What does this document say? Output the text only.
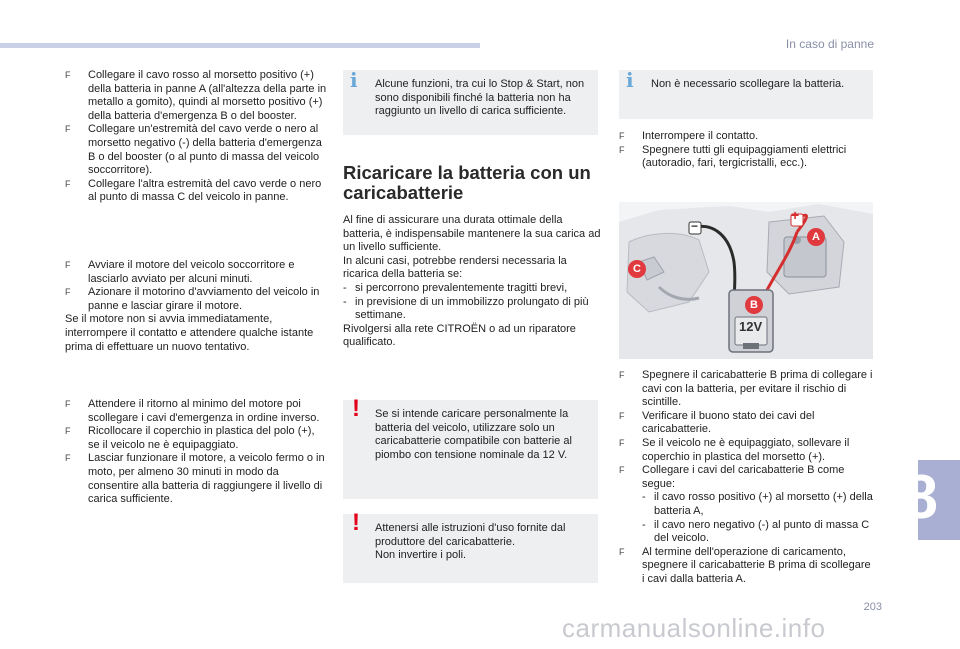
In caso di panne
F Collegare il cavo rosso al morsetto positivo (+) della batteria in panne A (all'altezza della parte in metallo a gomito), quindi al morsetto positivo (+) della batteria d'emergenza B o del booster.
F Collegare un'estremità del cavo verde o nero al morsetto negativo (-) della batteria d'emergenza B o del booster (o al punto di massa del veicolo soccorritore).
F Collegare l'altra estremità del cavo verde o nero al punto di massa C del veicolo in panne.
F Avviare il motore del veicolo soccorritore e lasciarlo avviato per alcuni minuti.
F Azionare il motorino d'avviamento del veicolo in panne e lasciar girare il motore.
Se il motore non si avvia immediatamente, interrompere il contatto e attendere qualche istante prima di effettuare un nuovo tentativo.
F Attendere il ritorno al minimo del motore poi scollegare i cavi d'emergenza in ordine inverso.
F Ricollocare il coperchio in plastica del polo (+), se il veicolo ne è equipaggiato.
F Lasciar funzionare il motore, a veicolo fermo o in moto, per almeno 30 minuti in modo da consentire alla batteria di raggiungere il livello di carica sufficiente.
i Alcune funzioni, tra cui lo Stop & Start, non sono disponibili finché la batteria non ha raggiunto un livello di carica sufficiente.
Ricaricare la batteria con un caricabatterie
Al fine di assicurare una durata ottimale della batteria, è indispensabile mantenere la sua carica ad un livello sufficiente.
In alcuni casi, potrebbe rendersi necessaria la ricarica della batteria se:
- si percorrono prevalentemente tragitti brevi,
- in previsione di un immobilizzo prolungato di più settimane.
Rivolgersi alla rete CITROËN o ad un riparatore qualificato.
! Se si intende caricare personalmente la batteria del veicolo, utilizzare solo un caricabatterie compatibile con batterie al piombo con tensione nominale da 12 V.
! Attenersi alle istruzioni d'uso fornite dal produttore del caricabatterie.
Non invertire i poli.
i Non è necessario scollegare la batteria.
F Interrompere il contatto.
F Spegnere tutti gli equipaggiamenti elettrici (autoradio, fari, tergicristalli, ecc.).
−
+
A
C
B
12V
F Spegnere il caricabatterie B prima di collegare i cavi con la batteria, per evitare il rischio di scintille.
F Verificare il buono stato dei cavi del caricabatterie.
F Se il veicolo ne è equipaggiato, sollevare il coperchio in plastica del morsetto (+).
F Collegare i cavi del caricabatterie B come segue:
- il cavo rosso positivo (+) al morsetto (+) della batteria A,
- il cavo nero negativo (-) al punto di massa C del veicolo.
F Al termine dell'operazione di caricamento, spegnere il caricabatterie B prima di scollegare i cavi dalla batteria A.
8
203
carmanualsonline.info
